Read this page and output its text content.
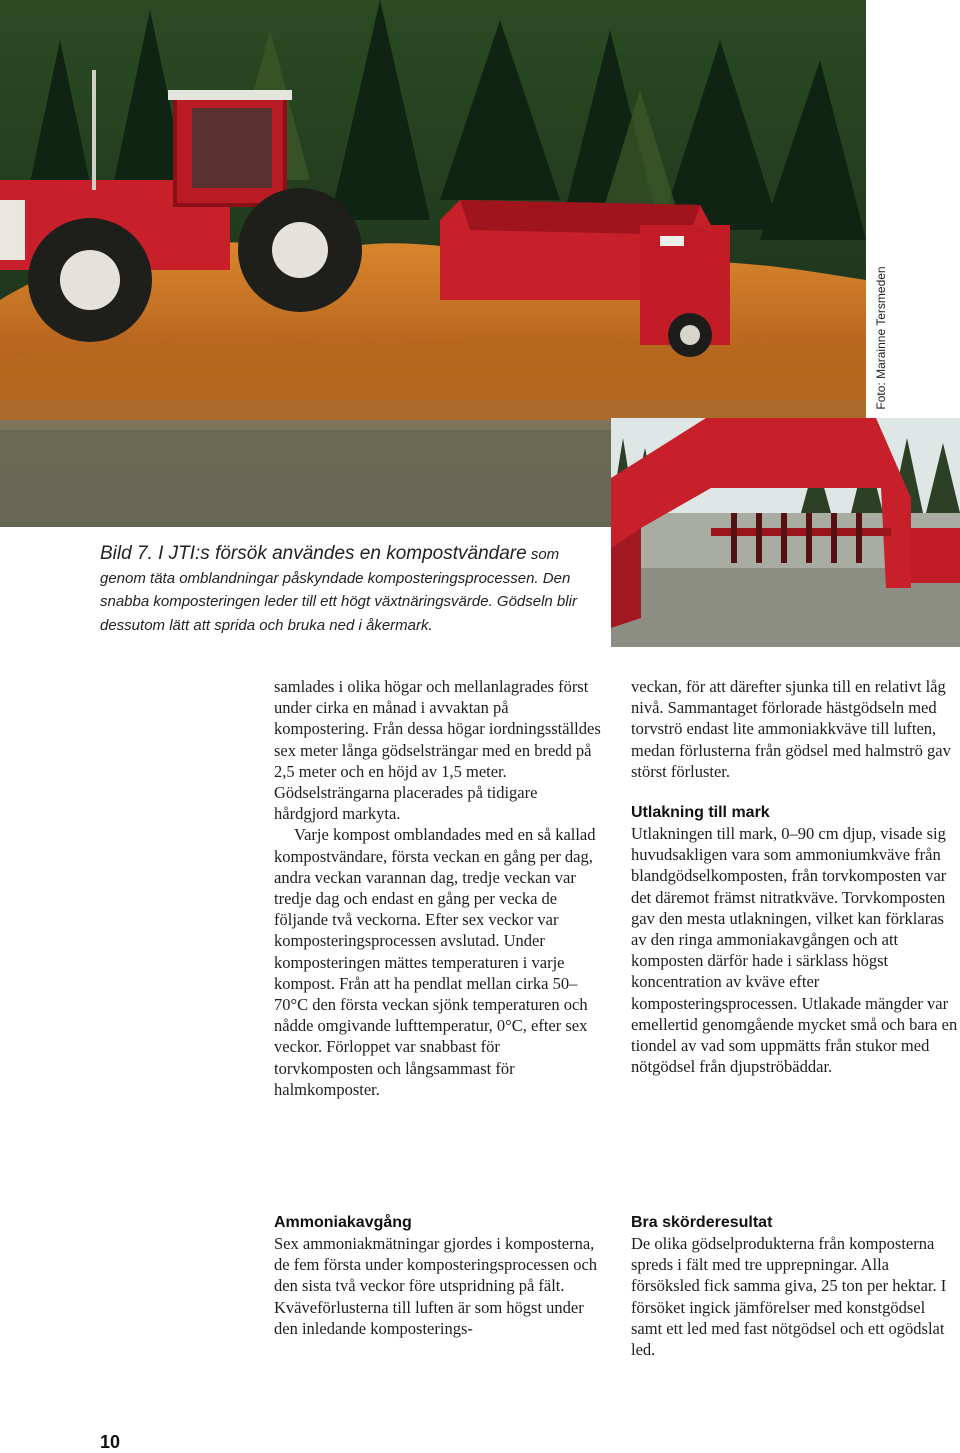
Foto: Marainne Tersmeden
Bild 7. I JTI:s försök användes en kompostvändare som genom täta omblandningar påskyndade komposteringsprocessen. Den snabba komposteringen leder till ett högt växtnäringsvärde. Gödseln blir dessutom lätt att sprida och bruka ned i åkermark.

samlades i olika högar och mellanlagrades först under cirka en månad i avvaktan på kompostering. Från dessa högar iordningsställdes sex meter långa gödselsträngar med en bredd på 2,5 meter och en höjd av 1,5 meter. Gödselsträngarna placerades på tidigare hårdgjord markyta.

Varje kompost omblandades med en så kallad kompostvändare, första veckan en gång per dag, andra veckan varannan dag, tredje veckan var tredje dag och endast en gång per vecka de följande två veckorna. Efter sex veckor var komposteringsprocessen avslutad. Under komposteringen mättes temperaturen i varje kompost. Från att ha pendlat mellan cirka 50–70°C den första veckan sjönk temperaturen och nådde omgivande lufttemperatur, 0°C, efter sex veckor. Förloppet var snabbast för torvkomposten och långsammast för halmkomposter.

Ammoniakavgång

Sex ammoniakmätningar gjordes i komposterna, de fem första under komposteringsprocessen och den sista två veckor före utspridning på fält. Kväveförlusterna till luften är som högst under den inledande komposterings-

veckan, för att därefter sjunka till en relativt låg nivå. Sammantaget förlorade hästgödseln med torvströ endast lite ammoniakkväve till luften, medan förlusterna från gödsel med halmströ gav störst förluster.

Utlakning till mark

Utlakningen till mark, 0–90 cm djup, visade sig huvudsakligen vara som ammoniumkväve från blandgödselkomposten, från torvkomposten var det däremot främst nitratkväve. Torvkomposten gav den mesta utlakningen, vilket kan förklaras av den ringa ammoniakavgången och att komposten därför hade i särklass högst koncentration av kväve efter komposteringsprocessen. Utlakade mängder var emellertid genomgående mycket små och bara en tiondel av vad som uppmätts från stukor med nötgödsel från djupströbäddar.

Bra skörderesultat

De olika gödselprodukterna från komposterna spreds i fält med tre upprepningar. Alla försöksled fick samma giva, 25 ton per hektar. I försöket ingick jämförelser med konstgödsel samt ett led med fast nötgödsel och ett ogödslat led.

10
